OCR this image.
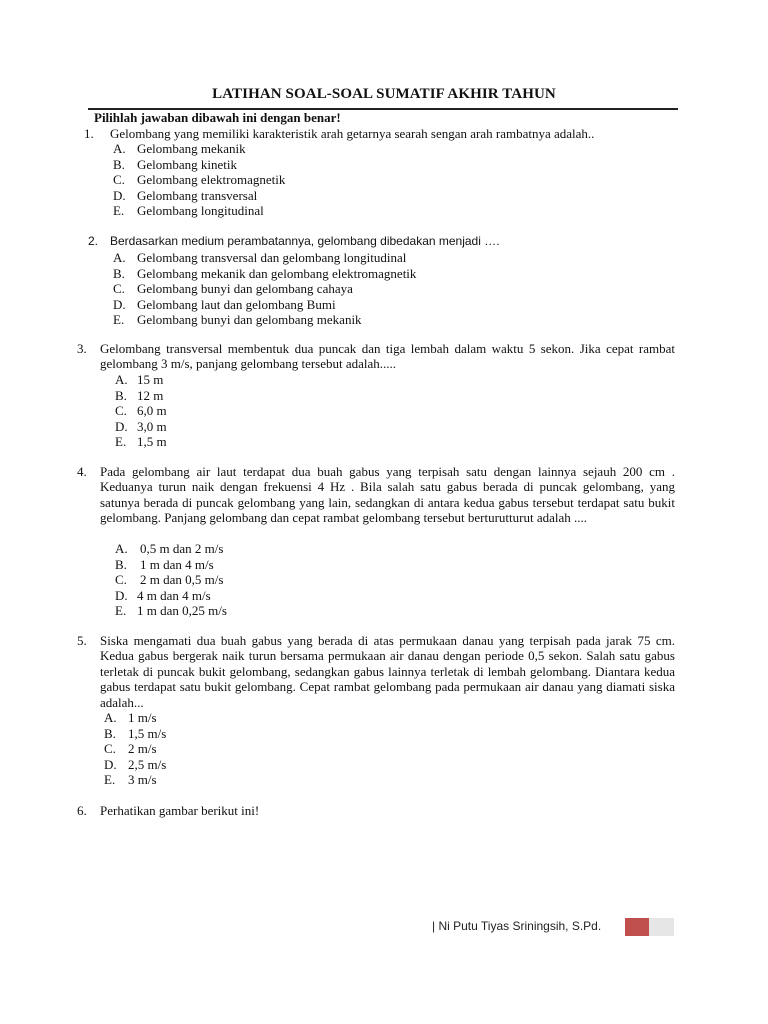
LATIHAN SOAL-SOAL SUMATIF AKHIR TAHUN
Pilihlah jawaban dibawah ini dengan benar!
1. Gelombang yang memiliki karakteristik arah getarnya searah sengan arah rambatnya adalah..
A. Gelombang mekanik
B. Gelombang kinetik
C. Gelombang elektromagnetik
D. Gelombang transversal
E. Gelombang longitudinal
2. Berdasarkan medium perambatannya, gelombang dibedakan menjadi ….
A. Gelombang transversal dan gelombang longitudinal
B. Gelombang mekanik dan gelombang elektromagnetik
C. Gelombang bunyi dan gelombang cahaya
D. Gelombang laut dan gelombang Bumi
E. Gelombang bunyi dan gelombang mekanik
3. Gelombang transversal membentuk dua puncak dan tiga lembah dalam waktu 5 sekon. Jika cepat rambat gelombang 3 m/s, panjang gelombang tersebut adalah.....
A. 15 m
B. 12 m
C. 6,0 m
D. 3,0 m
E. 1,5 m
4. Pada gelombang air laut terdapat dua buah gabus yang terpisah satu dengan lainnya sejauh 200 cm . Keduanya turun naik dengan frekuensi 4 Hz . Bila salah satu gabus berada di puncak gelombang, yang satunya berada di puncak gelombang yang lain, sedangkan di antara kedua gabus tersebut terdapat satu bukit gelombang. Panjang gelombang dan cepat rambat gelombang tersebut berturutturut adalah ....
A. 0,5 m dan 2 m/s
B. 1 m dan 4 m/s
C. 2 m dan 0,5 m/s
D. 4 m dan 4 m/s
E. 1 m dan 0,25 m/s
5. Siska mengamati dua buah gabus yang berada di atas permukaan danau yang terpisah pada jarak 75 cm. Kedua gabus bergerak naik turun bersama permukaan air danau dengan periode 0,5 sekon. Salah satu gabus terletak di puncak bukit gelombang, sedangkan gabus lainnya terletak di lembah gelombang. Diantara kedua gabus terdapat satu bukit gelombang. Cepat rambat gelombang pada permukaan air danau yang diamati siska adalah...
A. 1 m/s
B. 1,5 m/s
C. 2 m/s
D. 2,5 m/s
E. 3 m/s
6. Perhatikan gambar berikut ini!
| Ni Putu Tiyas Sriningsih, S.Pd.
